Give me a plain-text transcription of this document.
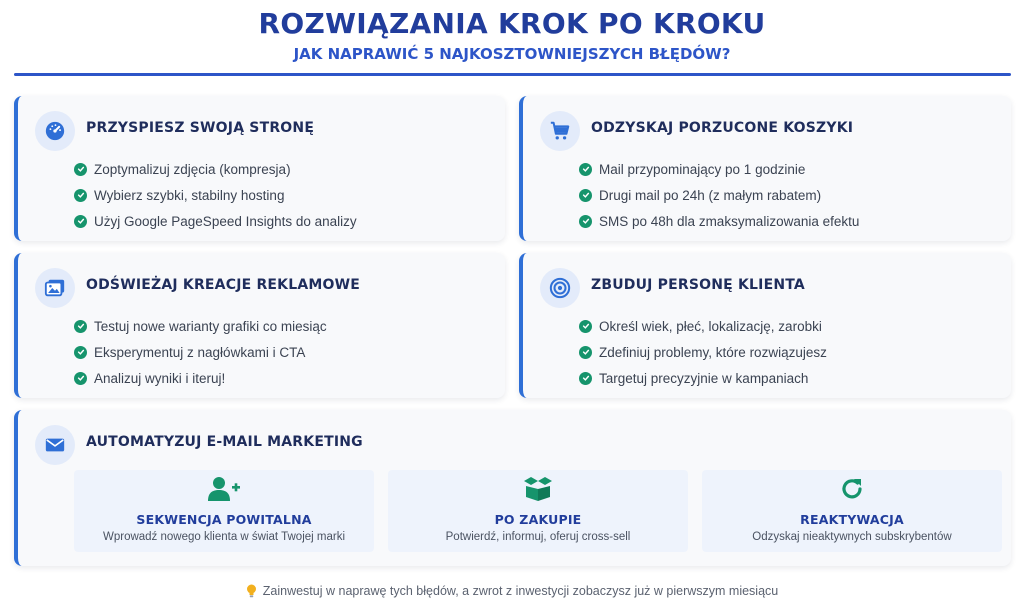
ROZWIĄZANIA KROK PO KROKU
JAK NAPRAWIĆ 5 NAJKOSZTOWNIEJSZYCH BŁĘDÓW?
PRZYSPIESZ SWOJĄ STRONĘ
Zoptymalizuj zdjęcia (kompresja)
Wybierz szybki, stabilny hosting
Użyj Google PageSpeed Insights do analizy
ODZYSKAJ PORZUCONE KOSZYKI
Mail przypominający po 1 godzinie
Drugi mail po 24h (z małym rabatem)
SMS po 48h dla zmaksymalizowania efektu
ODŚWIEŻAJ KREACJE REKLAMOWE
Testuj nowe warianty grafiki co miesiąc
Eksperymentuj z nagłówkami i CTA
Analizuj wyniki i iteruj!
ZBUDUJ PERSONĘ KLIENTA
Określ wiek, płeć, lokalizację, zarobki
Zdefiniuj problemy, które rozwiązujesz
Targetuj precyzyjnie w kampaniach
AUTOMATYZUJ E-MAIL MARKETING
SEKWENCJA POWITALNA
Wprowadź nowego klienta w świat Twojej marki
PO ZAKUPIE
Potwierdź, informuj, oferuj cross-sell
REAKTYWACJA
Odzyskaj nieaktywnych subskrybentów
Zainwestuj w naprawę tych błędów, a zwrot z inwestycji zobaczysz już w pierwszym miesiącu
